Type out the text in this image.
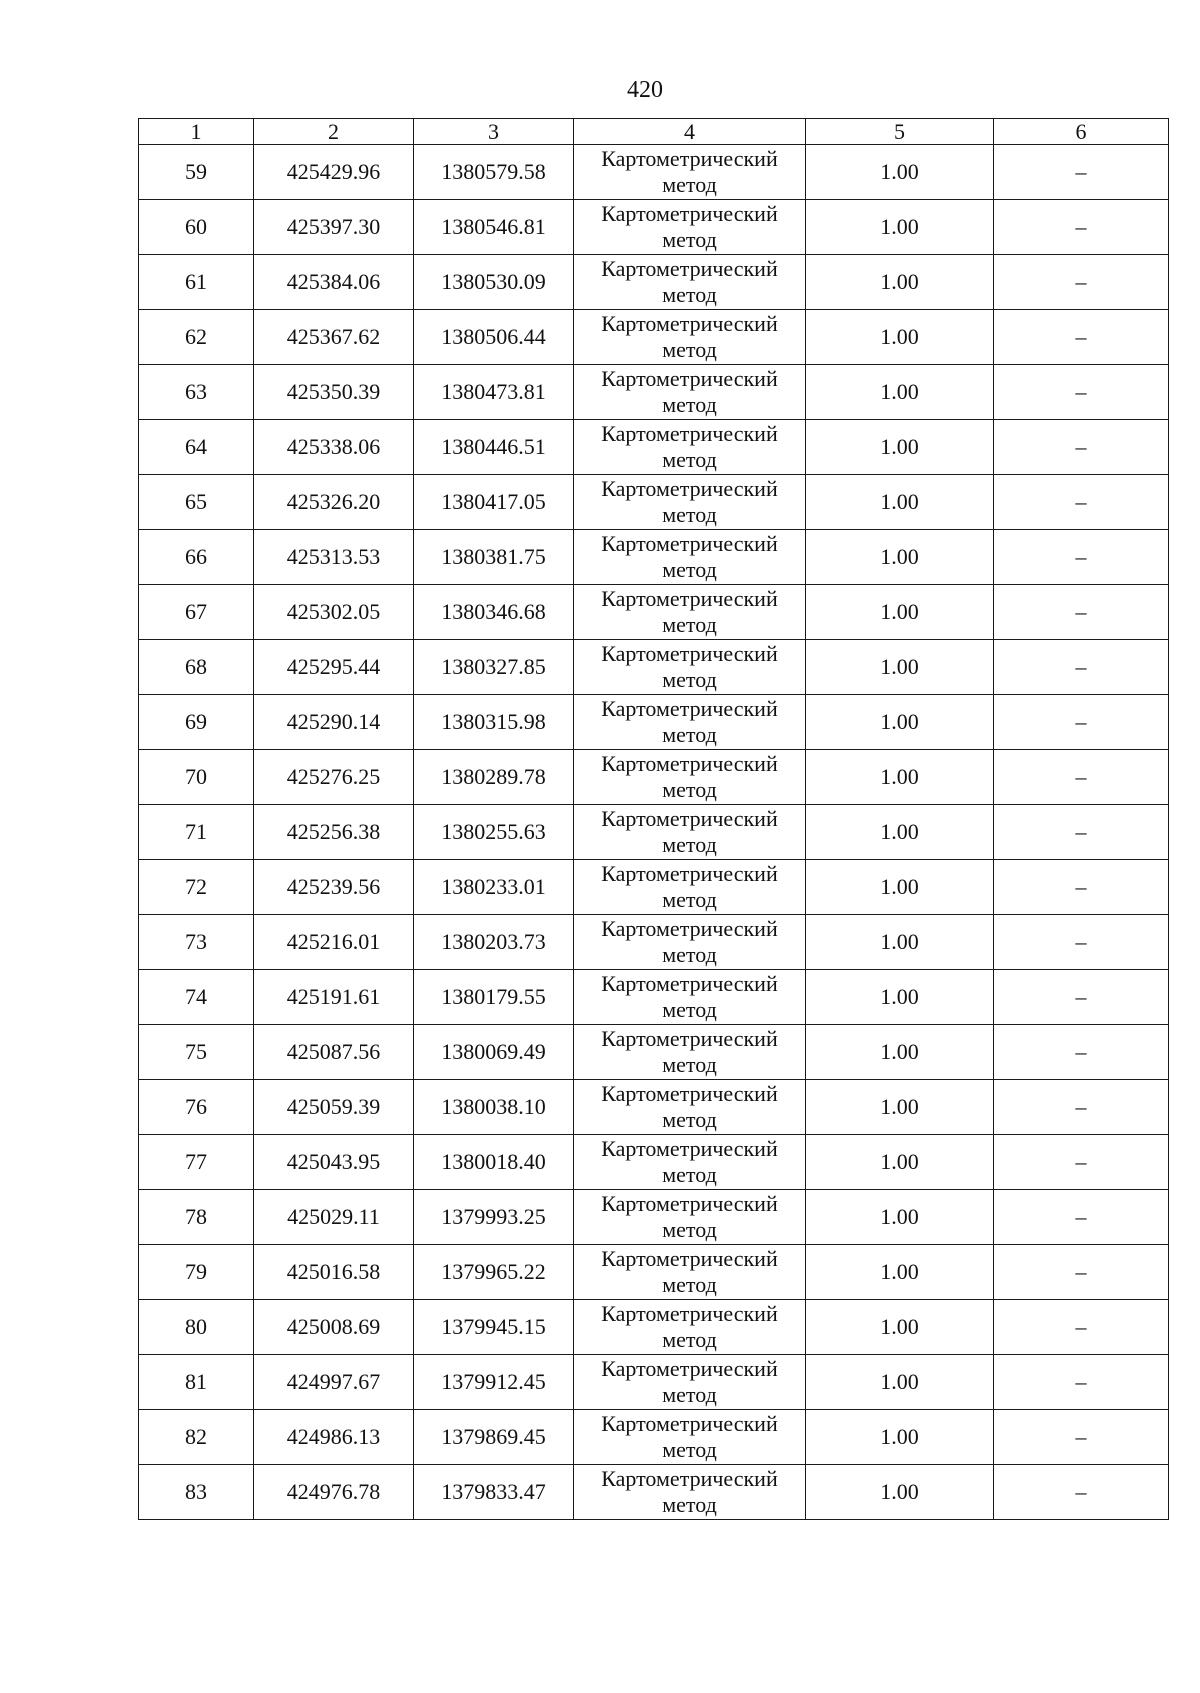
420
1	2	3	4	5	6
59	425429.96	1380579.58	Картометрический метод	1.00	–
60	425397.30	1380546.81	Картометрический метод	1.00	–
61	425384.06	1380530.09	Картометрический метод	1.00	–
62	425367.62	1380506.44	Картометрический метод	1.00	–
63	425350.39	1380473.81	Картометрический метод	1.00	–
64	425338.06	1380446.51	Картометрический метод	1.00	–
65	425326.20	1380417.05	Картометрический метод	1.00	–
66	425313.53	1380381.75	Картометрический метод	1.00	–
67	425302.05	1380346.68	Картометрический метод	1.00	–
68	425295.44	1380327.85	Картометрический метод	1.00	–
69	425290.14	1380315.98	Картометрический метод	1.00	–
70	425276.25	1380289.78	Картометрический метод	1.00	–
71	425256.38	1380255.63	Картометрический метод	1.00	–
72	425239.56	1380233.01	Картометрический метод	1.00	–
73	425216.01	1380203.73	Картометрический метод	1.00	–
74	425191.61	1380179.55	Картометрический метод	1.00	–
75	425087.56	1380069.49	Картометрический метод	1.00	–
76	425059.39	1380038.10	Картометрический метод	1.00	–
77	425043.95	1380018.40	Картометрический метод	1.00	–
78	425029.11	1379993.25	Картометрический метод	1.00	–
79	425016.58	1379965.22	Картометрический метод	1.00	–
80	425008.69	1379945.15	Картометрический метод	1.00	–
81	424997.67	1379912.45	Картометрический метод	1.00	–
82	424986.13	1379869.45	Картометрический метод	1.00	–
83	424976.78	1379833.47	Картометрический метод	1.00	–
